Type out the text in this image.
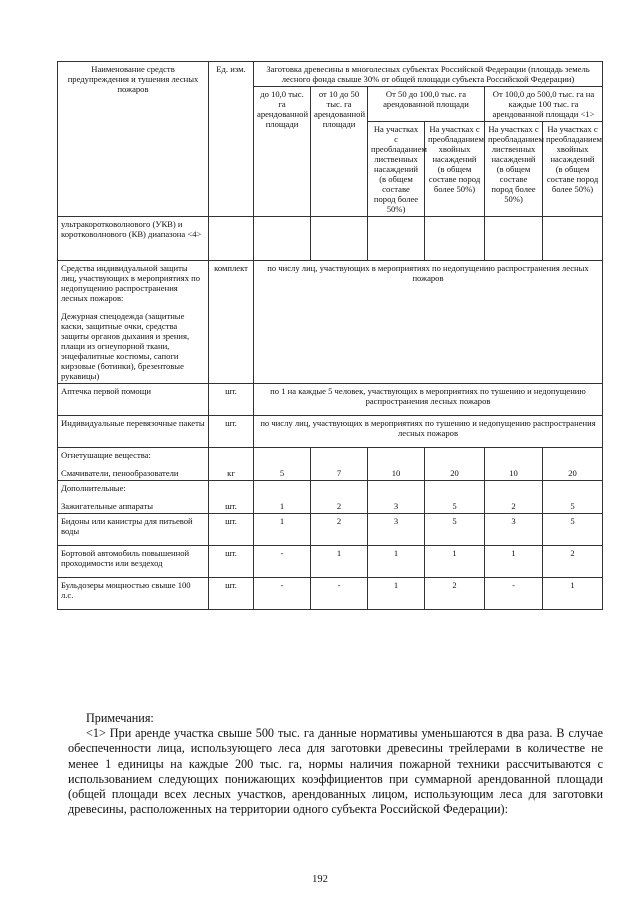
Наименование средств предупреждения и тушения лесных пожаров	Ед. изм.	Заготовка древесины в многолесных субъектах Российской Федерации (площадь земель лесного фонда свыше 30% от общей площади субъекта Российской Федерации)					
		до 10,0 тыс. га арендованной площади	от 10 до 50 тыс. га арендованной площади	От 50 до 100,0 тыс. га арендованной площади		От 100,0 до 500,0 тыс. га на каждые 100 тыс. га арендованной площади <1>	
				На участках с преобладанием лиственных насаждений (в общем составе пород более 50%)	На участках с преобладанием хвойных насаждений (в общем составе пород более 50%)	На участках с преобладанием лиственных насаждений (в общем составе пород более 50%)	На участках с преобладанием хвойных насаждений (в общем составе пород более 50%)
ультракоротковолнового (УКВ) и коротковолнового (КВ) диапазона <4>							

Средства индивидуальной защиты лиц, участвующих в мероприятиях по недопущению распространения лесных пожаров:
Дежурная спецодежда (защитные каски, защитные очки, средства защиты органов дыхания и зрения, плащи из огнеупорной ткани, энцефалитные костюмы, сапоги кирзовые (ботинки), брезентовые рукавицы)	комплект	по числу лиц, участвующих в мероприятиях по недопущению распространения лесных пожаров					
Аптечка первой помощи	шт.	по 1 на каждые 5 человек, участвующих в мероприятиях по тушению и недопущению распространения лесных пожаров					
Индивидуальные перевязочные пакеты	шт.	по числу лиц, участвующих в мероприятиях по тушению и недопущению распространения лесных пожаров					

Огнетушащие вещества:
Смачиватели, пенообразователи	кг	5	7	10	20	10	20

Дополнительные:
Зажигательные аппараты	шт.	1	2	3	5	2	5
Бидоны или канистры для питьевой воды	шт.	1	2	3	5	3	5
Бортовой автомобиль повышенной проходимости или вездеход	шт.	-	1	1	1	1	2
Бульдозеры мощностью свыше 100 л.с.	шт.	-	-	1	2	-	1

Примечания:

<1> При аренде участка свыше 500 тыс. га данные нормативы уменьшаются в два раза. В случае обеспеченности лица, использующего леса для заготовки древесины трейлерами в количестве не менее 1 единицы на каждые 200 тыс. га, нормы наличия пожарной техники рассчитываются с использованием следующих понижающих коэффициентов при суммарной арендованной площади (общей площади всех лесных участков, арендованных лицом, использующим леса для заготовки древесины, расположенных на территории одного субъекта Российской Федерации):

192
